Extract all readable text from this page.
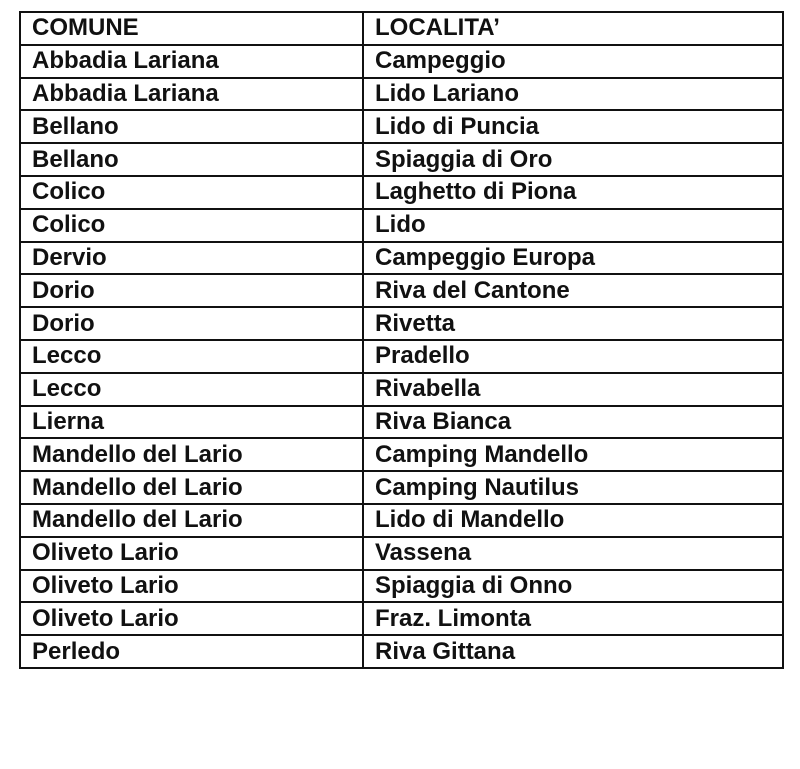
COMUNE	LOCALITA’
Abbadia Lariana	Campeggio
Abbadia Lariana	Lido Lariano
Bellano	Lido di Puncia
Bellano	Spiaggia di Oro
Colico	Laghetto di Piona
Colico	Lido
Dervio	Campeggio Europa
Dorio	Riva del Cantone
Dorio	Rivetta
Lecco	Pradello
Lecco	Rivabella
Lierna	Riva Bianca
Mandello del Lario	Camping Mandello
Mandello del Lario	Camping Nautilus
Mandello del Lario	Lido di Mandello
Oliveto Lario	Vassena
Oliveto Lario	Spiaggia di Onno
Oliveto Lario	Fraz. Limonta
Perledo	Riva Gittana
